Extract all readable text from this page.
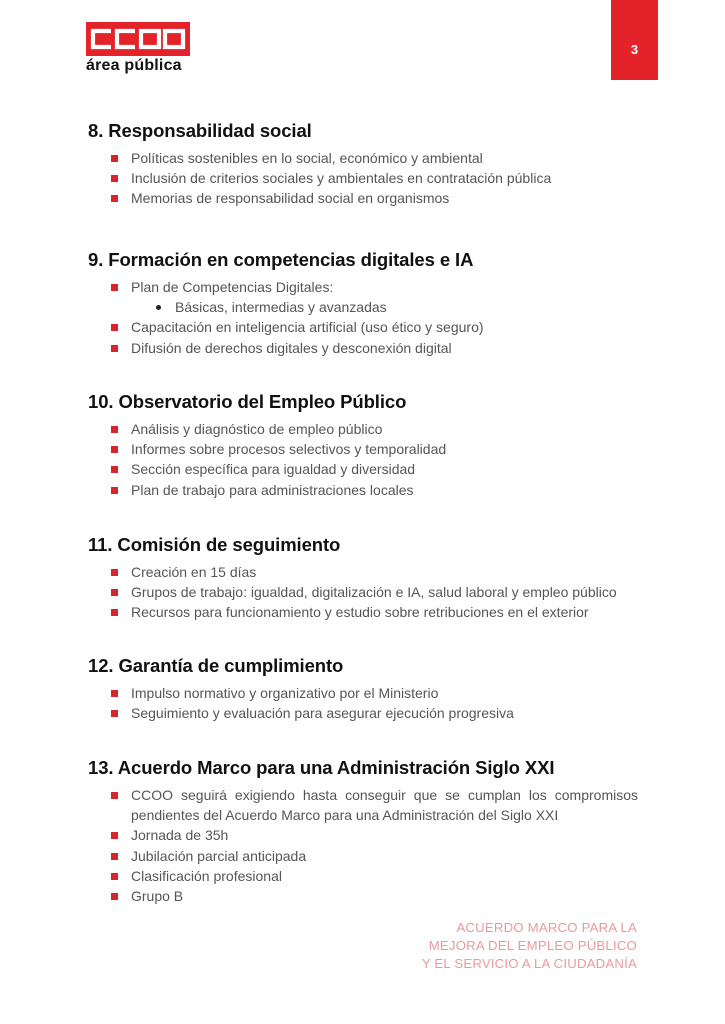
área pública
3
8. Responsabilidad social
Políticas sostenibles en lo social, económico y ambiental
Inclusión de criterios sociales y ambientales en contratación pública
Memorias de responsabilidad social en organismos
9. Formación en competencias digitales e IA
Plan de Competencias Digitales:
Básicas, intermedias y avanzadas
Capacitación en inteligencia artificial (uso ético y seguro)
Difusión de derechos digitales y desconexión digital
10. Observatorio del Empleo Público
Análisis y diagnóstico de empleo público
Informes sobre procesos selectivos y temporalidad
Sección específica para igualdad y diversidad
Plan de trabajo para administraciones locales
11. Comisión de seguimiento
Creación en 15 días
Grupos de trabajo: igualdad, digitalización e IA, salud laboral y empleo público
Recursos para funcionamiento y estudio sobre retribuciones en el exterior
12. Garantía de cumplimiento
Impulso normativo y organizativo por el Ministerio
Seguimiento y evaluación para asegurar ejecución progresiva
13. Acuerdo Marco para una Administración Siglo XXI
CCOO seguirá exigiendo hasta conseguir que se cumplan los compromisos pendientes del Acuerdo Marco para una Administración del Siglo XXI
Jornada de 35h
Jubilación parcial anticipada
Clasificación profesional
Grupo B
ACUERDO MARCO PARA LA
MEJORA DEL EMPLEO PÚBLICO
Y EL SERVICIO A LA CIUDADANÍA
